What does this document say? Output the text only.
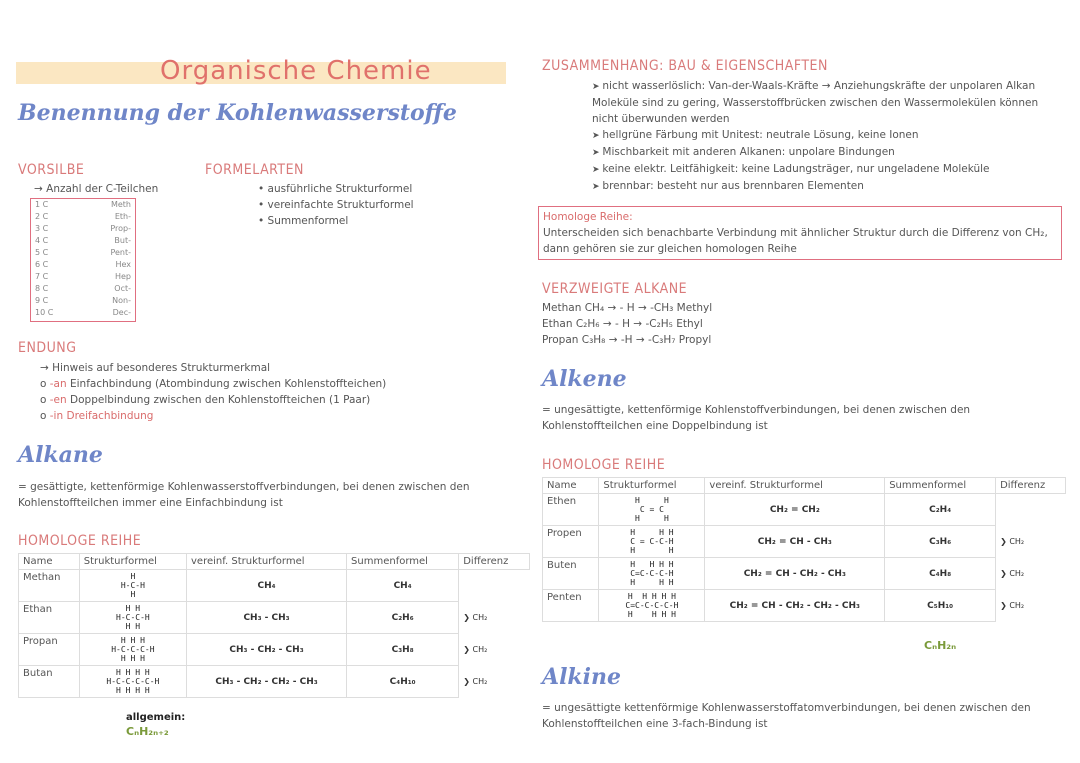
Organische Chemie
Benennung der Kohlenwasserstoffe
VORSILBE
→ Anzahl der C-Teilchen
1 C	Meth
2 C	Eth-
3 C	Prop-
4 C	But-
5 C	Pent-
6 C	Hex
7 C	Hep
8 C	Oct-
9 C	Non-
10 C	Dec-
FORMELARTEN
• ausführliche Strukturformel
• vereinfachte Strukturformel
• Summenformel
ENDUNG
→ Hinweis auf besonderes Strukturmerkmal
o -an Einfachbindung (Atombindung zwischen Kohlenstoffteichen)
o -en Doppelbindung zwischen den Kohlenstoffteichen (1 Paar)
o -in Dreifachbindung
Alkane
= gesättigte, kettenförmige Kohlenwasserstoffverbindungen, bei denen zwischen den Kohlenstoffteilchen immer eine Einfachbindung ist
HOMOLOGE REIHE
Name	Strukturformel	vereinf. Strukturformel	Summenformel	Differenz
Methan	H
H-C-H
H	CH₄	CH₄	
Ethan	H H
H-C-C-H
H H	CH₃ - CH₃	C₂H₆	❯ CH₂
Propan	H H H
H-C-C-C-H
H H H	CH₃ - CH₂ - CH₃	C₃H₈	❯ CH₂
Butan	H H H H
H-C-C-C-C-H
H H H H	CH₃ - CH₂ - CH₂ - CH₃	C₄H₁₀	❯ CH₂
allgemein:
CₙH₂ₙ₊₂
ZUSAMMENHANG: BAU & EIGENSCHAFTEN
➤ nicht wasserlöslich: Van-der-Waals-Kräfte → Anziehungskräfte der unpolaren Alkan Moleküle sind zu gering, Wasserstoffbrücken zwischen den Wassermolekülen können nicht überwunden werden
➤ hellgrüne Färbung mit Unitest: neutrale Lösung, keine Ionen
➤ Mischbarkeit mit anderen Alkanen: unpolare Bindungen
➤ keine elektr. Leitfähigkeit: keine Ladungsträger, nur ungeladene Moleküle
➤ brennbar: besteht nur aus brennbaren Elementen
Homologe Reihe:
Unterscheiden sich benachbarte Verbindung mit ähnlicher Struktur durch die Differenz von CH₂, dann gehören sie zur gleichen homologen Reihe
VERZWEIGTE ALKANE
Methan CH₄ → - H → -CH₃ Methyl
Ethan C₂H₆ → - H → -C₂H₅ Ethyl
Propan C₃H₈ → -H → -C₃H₇ Propyl
Alkene
= ungesättigte, kettenförmige Kohlenstoffverbindungen, bei denen zwischen den Kohlenstoffteilchen eine Doppelbindung ist
HOMOLOGE REIHE
Name	Strukturformel	vereinf. Strukturformel	Summenformel	Differenz
Ethen	H     H
C = C
H     H	CH₂ = CH₂	C₂H₄	
Propen	H     H H
C = C-C-H
H       H	CH₂ = CH - CH₃	C₃H₆	❯ CH₂
Buten	H   H H H
C=C-C-C-H
H     H H	CH₂ = CH - CH₂ - CH₃	C₄H₈	❯ CH₂
Penten	H  H H H H
C=C-C-C-C-H
H    H H H	CH₂ = CH - CH₂ - CH₂ - CH₃	C₅H₁₀	❯ CH₂
CₙH₂ₙ
Alkine
= ungesättigte kettenförmige Kohlenwasserstoffatomverbindungen, bei denen zwischen den Kohlenstoffteilchen eine 3-fach-Bindung ist
